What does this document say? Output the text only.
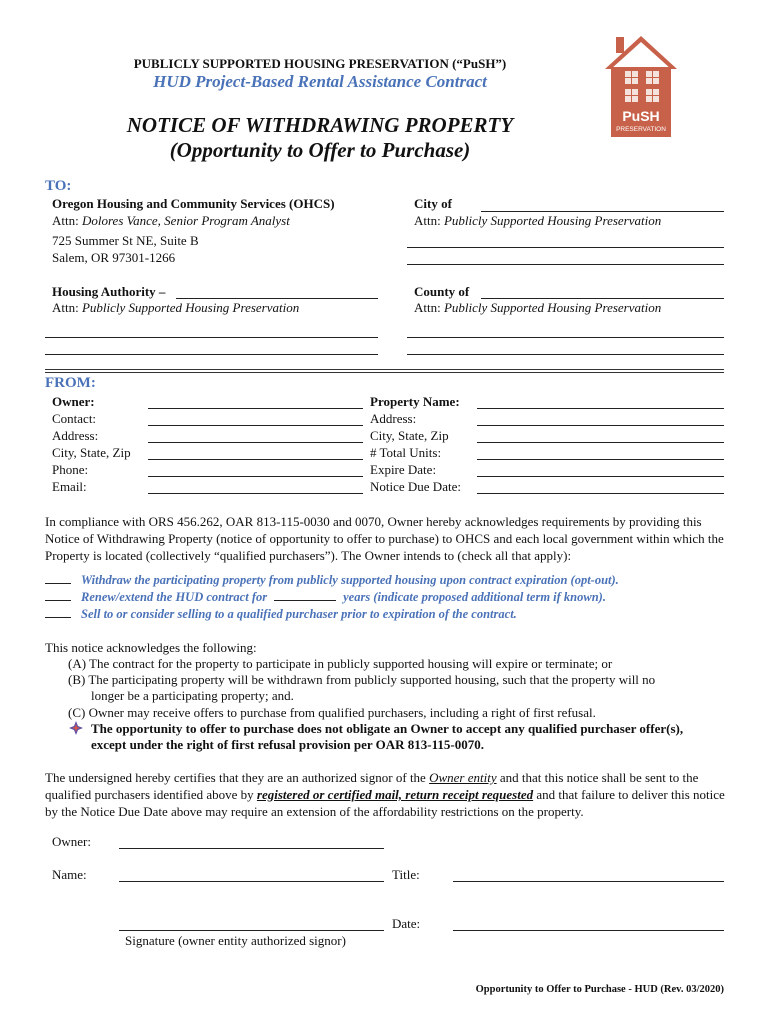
PUBLICLY SUPPORTED HOUSING PRESERVATION (“PuSH”)
HUD Project-Based Rental Assistance Contract
NOTICE OF WITHDRAWING PROPERTY
(Opportunity to Offer to Purchase)
PuSH
PRESERVATION
TO:
Oregon Housing and Community Services (OHCS)
Attn: Dolores Vance, Senior Program Analyst
725 Summer St NE, Suite B
Salem, OR 97301-1266
City of
Attn: Publicly Supported Housing Preservation
Housing Authority –
Attn: Publicly Supported Housing Preservation
County of
Attn: Publicly Supported Housing Preservation
FROM:
Owner:
Contact:
Address:
City, State, Zip
Phone:
Email:
Property Name:
Address:
City, State, Zip
# Total Units:
Expire Date:
Notice Due Date:
In compliance with ORS 456.262, OAR 813-115-0030 and 0070, Owner hereby acknowledges requirements by providing this Notice of Withdrawing Property (notice of opportunity to offer to purchase) to OHCS and each local government within which the Property is located (collectively “qualified purchasers”). The Owner intends to (check all that apply):
Withdraw the participating property from publicly supported housing upon contract expiration (opt-out).
Renew/extend the HUD contract for	years (indicate proposed additional term if known).
Sell to or consider selling to a qualified purchaser prior to expiration of the contract.
This notice acknowledges the following:
(A) The contract for the property to participate in publicly supported housing will expire or terminate; or
(B) The participating property will be withdrawn from publicly supported housing, such that the property will no
longer be a participating property; and.
(C) Owner may receive offers to purchase from qualified purchasers, including a right of first refusal.
The opportunity to offer to purchase does not obligate an Owner to accept any qualified purchaser offer(s),
except under the right of first refusal provision per OAR 813-115-0070.
The undersigned hereby certifies that they are an authorized signor of the Owner entity and that this notice shall be sent to the qualified purchasers identified above by registered or certified mail, return receipt requested and that failure to deliver this notice by the Notice Due Date above may require an extension of the affordability restrictions on the property.
Owner:
Name:	Title:
Signature (owner entity authorized signor)
Date:
Opportunity to Offer to Purchase - HUD (Rev. 03/2020)
